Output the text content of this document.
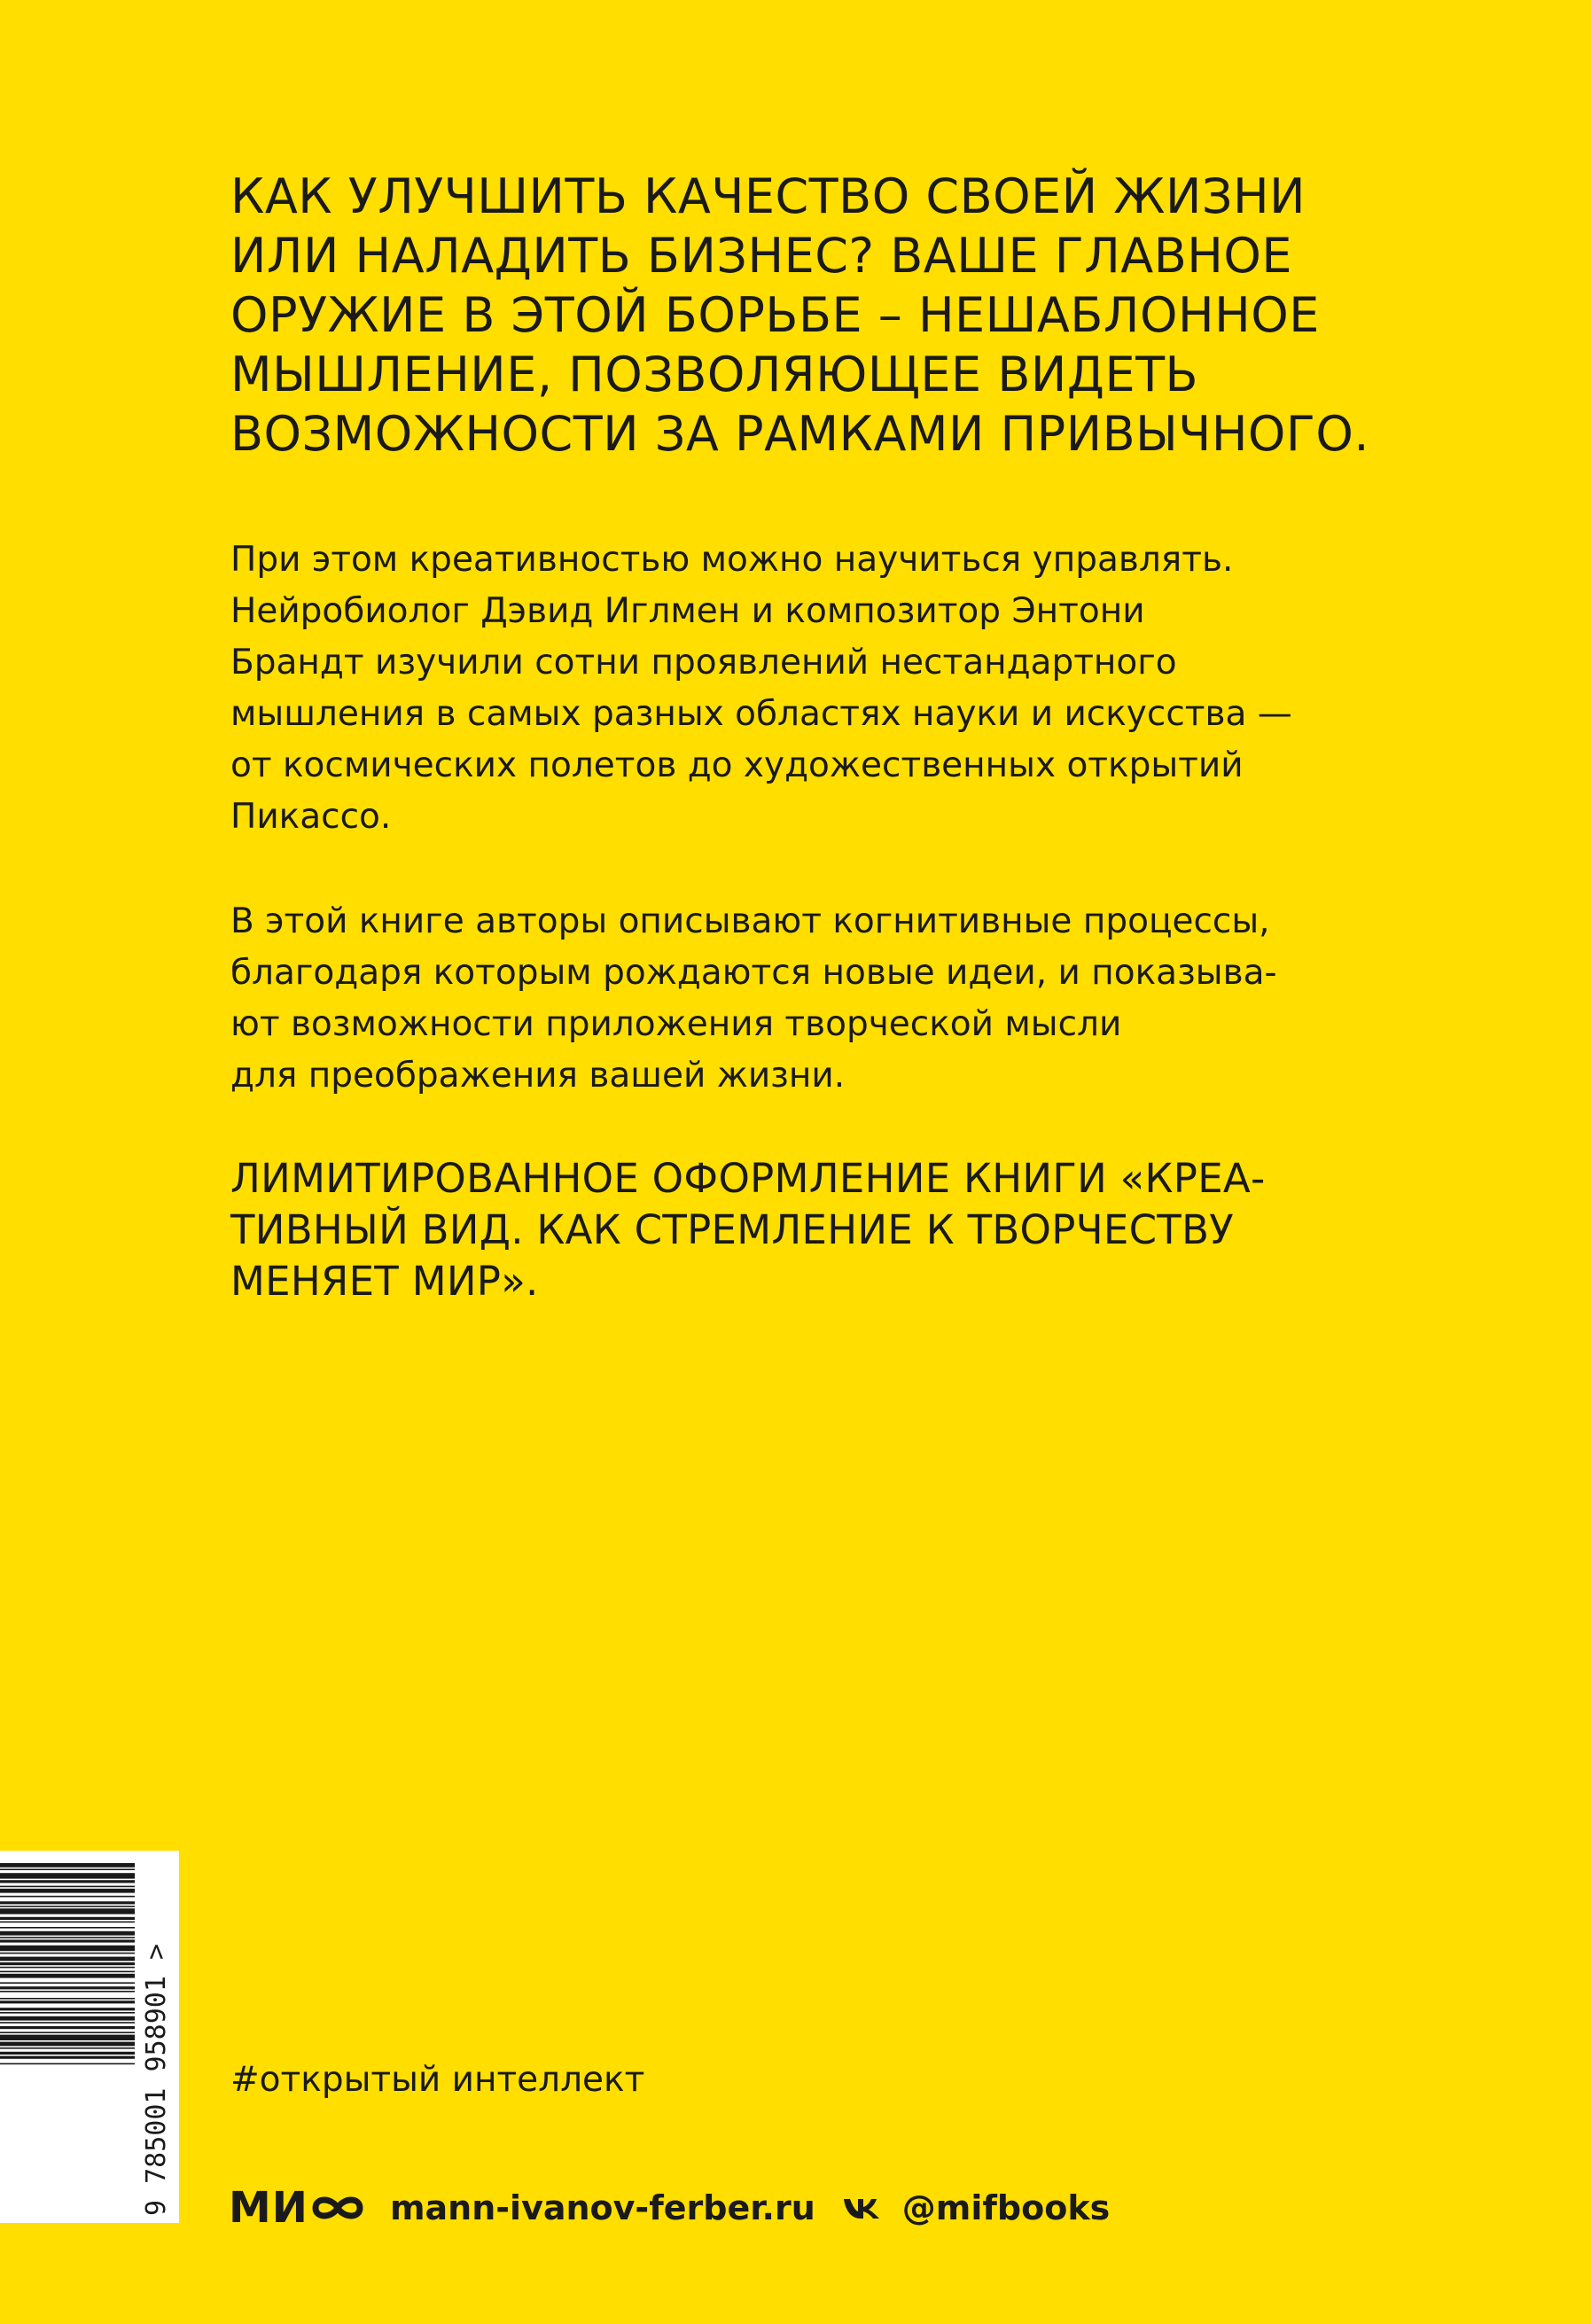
КАК УЛУЧШИТЬ КАЧЕСТВО СВОЕЙ ЖИЗНИ
ИЛИ НАЛАДИТЬ БИЗНЕС? ВАШЕ ГЛАВНОЕ
ОРУЖИЕ В ЭТОЙ БОРЬБЕ – НЕШАБЛОННОЕ
МЫШЛЕНИЕ, ПОЗВОЛЯЮЩЕЕ ВИДЕТЬ
ВОЗМОЖНОСТИ ЗА РАМКАМИ ПРИВЫЧНОГО.
При этом креативностью можно научиться управлять.
Нейробиолог Дэвид Иглмен и композитор Энтони
Брандт изучили сотни проявлений нестандартного
мышления в самых разных областях науки и искусства —
от космических полетов до художественных открытий
Пикассо.
В этой книге авторы описывают когнитивные процессы,
благодаря которым рождаются новые идеи, и показыва-
ют возможности приложения творческой мысли
для преображения вашей жизни.
ЛИМИТИРОВАННОЕ ОФОРМЛЕНИЕ КНИГИ «КРЕА-
ТИВНЫЙ ВИД. КАК СТРЕМЛЕНИЕ К ТВОРЧЕСТВУ
МЕНЯЕТ МИР».
#открытый интеллект
МИ mann-ivanov-ferber.ru	@mifbooks
9 785001 958901 >
